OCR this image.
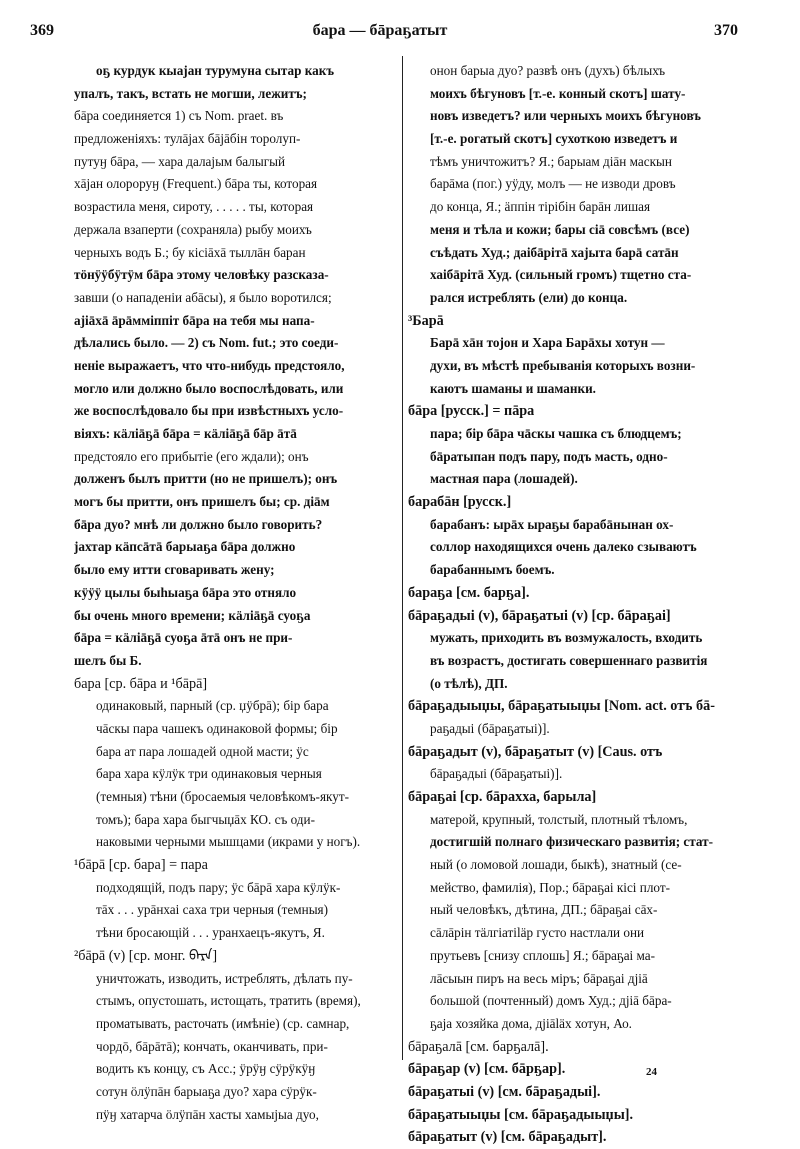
369	бара — бāраҕатыт	370
оҕ курдук кыајан турумуна сытар какъ
упалъ, такъ, встать не могши, лежитъ;
бāра соединяется 1) съ Nom. praet. въ
предложеніяхъ: тулāјах бāјāбін торолуп-
путуӈ бāра, — хара далајым балыгый
хāјан олороруӈ (Frequent.) бāра ты, которая
возрастила меня, сироту, . . . . . ты, которая
держала взаперти (сохраняла) рыбу моихъ
черныхъ водъ Б.; бу кісіāхā тыллāн баран
тӧнӱӱбӱтӱм бāра этому человѣку разсказа-
завши (о нападеніи абāсы), я было воротился;
ајіāхā āрāмміппіт бāра на тебя мы напа-
дѣлались было. — 2) съ Nom. fut.; это соеди-
неніе выражаетъ, что что-нибудь предстояло,
могло или должно было воспослѣдовать, или
же воспослѣдовало бы при извѣстныхъ усло-
віяхъ: кäліāҕā бāра = кäліāҕā бāр āтā
предстояло его прибытіе (его ждали); онъ
долженъ былъ притти (но не пришелъ); онъ
могъ бы притти, онъ пришелъ бы; ср. діāм
бāра дуо? мнѣ ли должно было говорить?
јахтар кäпсāтā барыаҕа бāра должно
было ему итти сговаривать жену;
кӱӱӱ цылы быһыаҕа бāра это отняло
бы очень много времени; кäліāҕā суоҕа
бāра = кäліāҕā суоҕа āтā онъ не при-
шелъ бы Б.
бара [ср. бāра и ¹бāрā]
одинаковый, парный (ср. џӱбрā); бір бара
чāскы пара чашекъ одинаковой формы; бір
бара ат пара лошадей одной масти; ӱс
бара хара кӱлӱк три одинаковыя черныя
(темныя) тѣни (бросаемыя человѣкомъ-якут-
томъ); бара хара быгчыџāх КО. съ оди-
наковыми черными мышцами (икрами у ногъ).
¹бāрā [ср. бара] = пара
подходящій, подъ пару; ӱс бāрā хара кӱлӱк-
тāх . . . урāнхаі саха три черныя (темныя)
тѣни бросающій . . . уранхаецъ-якутъ, Я.
²бāрā (v) [ср. монг. ᠪᠠᠷᠠ]
уничтожать, изводить, истреблять, дѣлать пу-
стымъ, опустошать, истощать, тратить (время),
проматывать, расточать (имѣніе) (ср. самнар,
чордō, бāрāтā); кончать, оканчивать, при-
водить къ концу, съ Acc.; ӱрӱӈ сӱрӱкӱӈ
сотун ӧлӱпāн барыаҕа дуо? хара сӱрӱк-
пӱӈ хатарча ӧлӱпāн хасты хамыјыа дуо,
онон барыа дуо? развѣ онъ (духъ) бѣлыхъ
моихъ бѣгуновъ [т.-е. конный скотъ] шату-
новъ изведетъ? или черныхъ моихъ бѣгуновъ
[т.-е. рогатый скотъ] сухоткою изведетъ и
тѣмъ уничтожитъ? Я.; барыам діāн маскын
барāма (пог.) уӱду, молъ — не изводи дровъ
до конца, Я.; äппін тірібін барāн лишая
меня и тѣла и кожи; бары сіā совсѣмъ (все)
съѣдать Худ.; даібāрітā хајыта барā сатāн
хаібāрітā Худ. (сильный громъ) тщетно ста-
рался истреблять (ели) до конца.
³Барā
Барā хāн тојон и Хара Барāхы хотун —
духи, въ мѣстѣ пребыванія которыхъ возни-
каютъ шаманы и шаманки.
бāра [русск.] = пāра
пара; бір бāра чāскы чашка съ блюдцемъ;
бāратыпан подъ пару, подъ масть, одно-
мастная пара (лошадей).
барабāн [русск.]
барабанъ: ырāх ыраҕы барабāнынан ох-
соллор находящихся очень далеко сзываютъ
барабаннымъ боемъ.
бараҕа [см. барҕа].
бāраҕадыі (v), бāраҕатыі (v) [ср. бāраҕаі]
мужать, приходить въ возмужалость, входить
въ возрастъ, достигать совершеннаго развитія
(о тѣлѣ), ДП.
бāраҕадыыџы, бāраҕатыыџы [Nom. act. отъ бā-
раҕадыі (бāраҕатыі)].
бāраҕадыт (v), бāраҕатыт (v) [Caus. отъ
бāраҕадыі (бāраҕатыі)].
бāраҕаі [ср. бāрахха, барыла]
матерой, крупный, толстый, плотный тѣломъ,
достигшій полнаго физическаго развитія; стат-
ный (о ломовой лошади, быкѣ), знатный (се-
мейство, фамилія), Пор.; бāраҕаі кісі плот-
ный человѣкъ, дѣтина, ДП.; бāраҕаі сāх-
сāлāрін тäлгіатіläр густо настлали они
прутьевъ [снизу сплошь] Я.; бāраҕаі ма-
лāсыын пиръ на весь міръ; бāраҕаі дјіā
большой (почтенный) домъ Худ.; дјіā бāра-
ҕаја хозяйка дома, дјіāläх хотун, Ао.
бāраҕалā [см. барҕалā].
бāраҕар (v) [см. бāрҕар].
бāраҕатыі (v) [см. бāраҕадыі].
бāраҕатыыџы [см. бāраҕадыыџы].
бāраҕатыт (v) [см. бāраҕадыт].
24
